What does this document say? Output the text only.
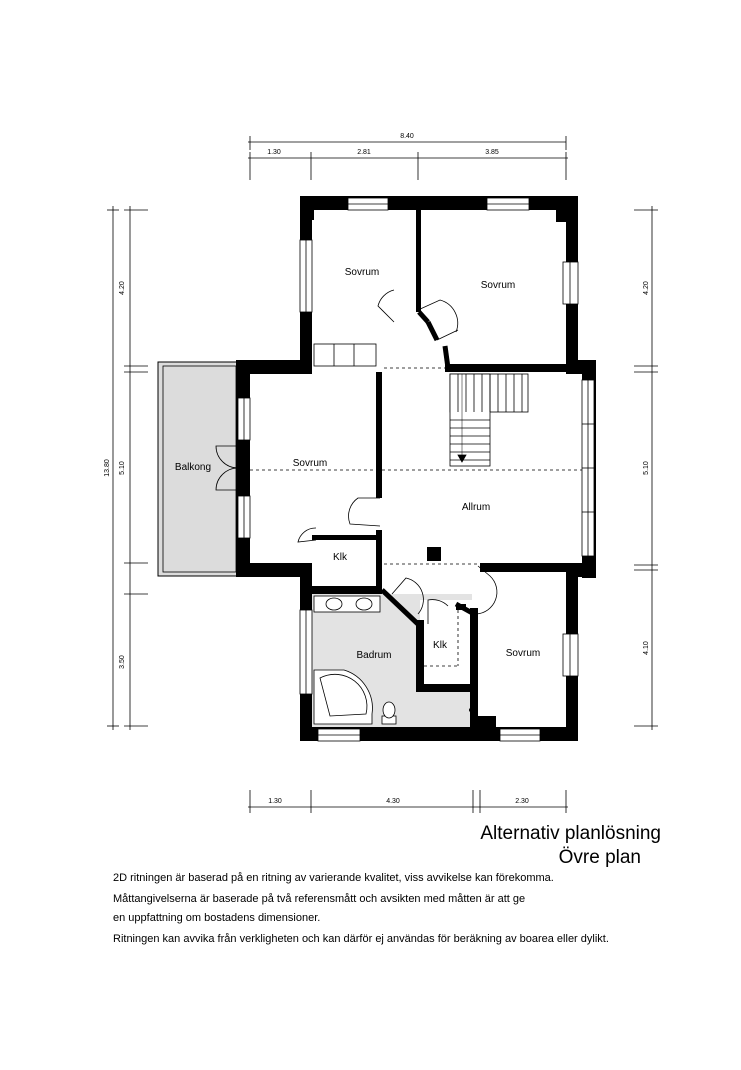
8.40
1.30	2.81	3.85
1.30	4.30	2.30
13.80
4.20
5.10
3.50
4.20
5.10
4.10
Sovrum
Sovrum
Sovrum
Balkong
Allrum
Klk
Klk
Badrum	Sovrum
Alternativ planlösning
Övre plan
2D ritningen är baserad på en ritning av varierande kvalitet, viss avvikelse kan förekomma.
Måttangivelserna är baserade på två referensmått och avsikten med måtten är att ge
en uppfattning om bostadens dimensioner.
Ritningen kan avvika från verkligheten och kan därför ej användas för beräkning av boarea eller dylikt.
